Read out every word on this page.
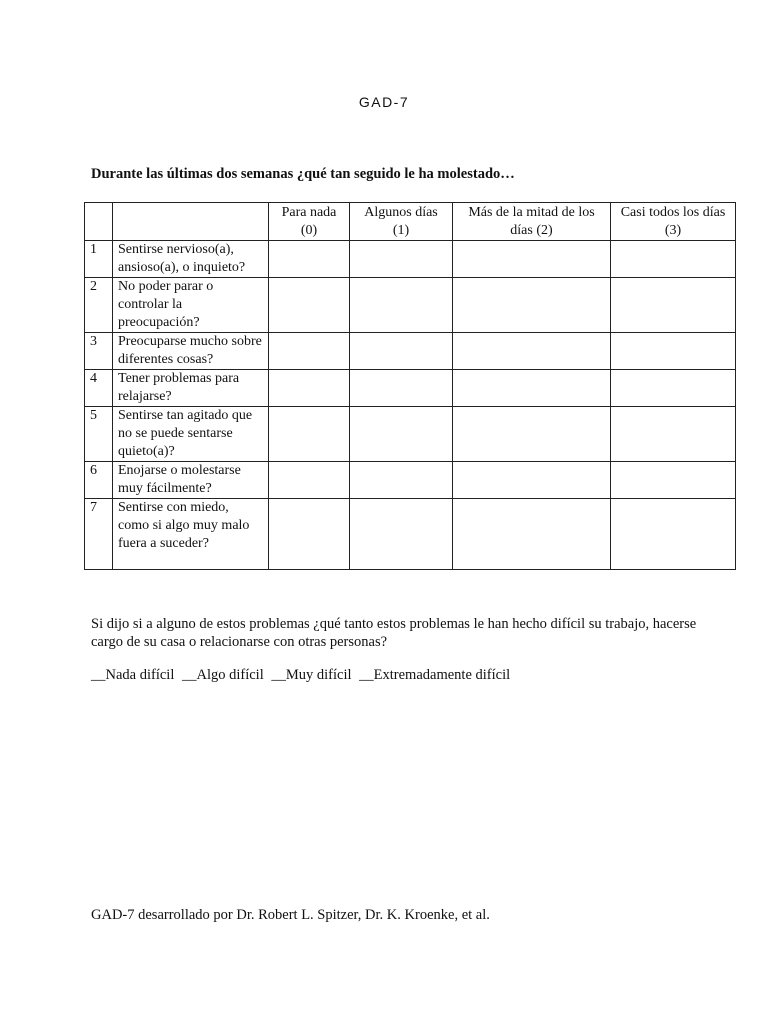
GAD-7
Durante las últimas dos semanas ¿qué tan seguido le ha molestado…
		Para nada (0)	Algunos días (1)	Más de la mitad de los días (2)	Casi todos los días (3)
1	Sentirse nervioso(a), ansioso(a), o inquieto?				
2	No poder parar o controlar la preocupación?				
3	Preocuparse mucho sobre diferentes cosas?				
4	Tener problemas para relajarse?				
5	Sentirse tan agitado que no se puede sentarse quieto(a)?				
6	Enojarse o molestarse muy fácilmente?				
7	Sentirse con miedo, como si algo muy malo fuera a suceder?				
Si dijo si a alguno de estos problemas ¿qué tanto estos problemas le han hecho difícil su trabajo, hacerse cargo de su casa o relacionarse con otras personas?
__Nada difícil __Algo difícil __Muy difícil __Extremadamente difícil
GAD-7 desarrollado por Dr. Robert L. Spitzer, Dr. K. Kroenke, et al.
